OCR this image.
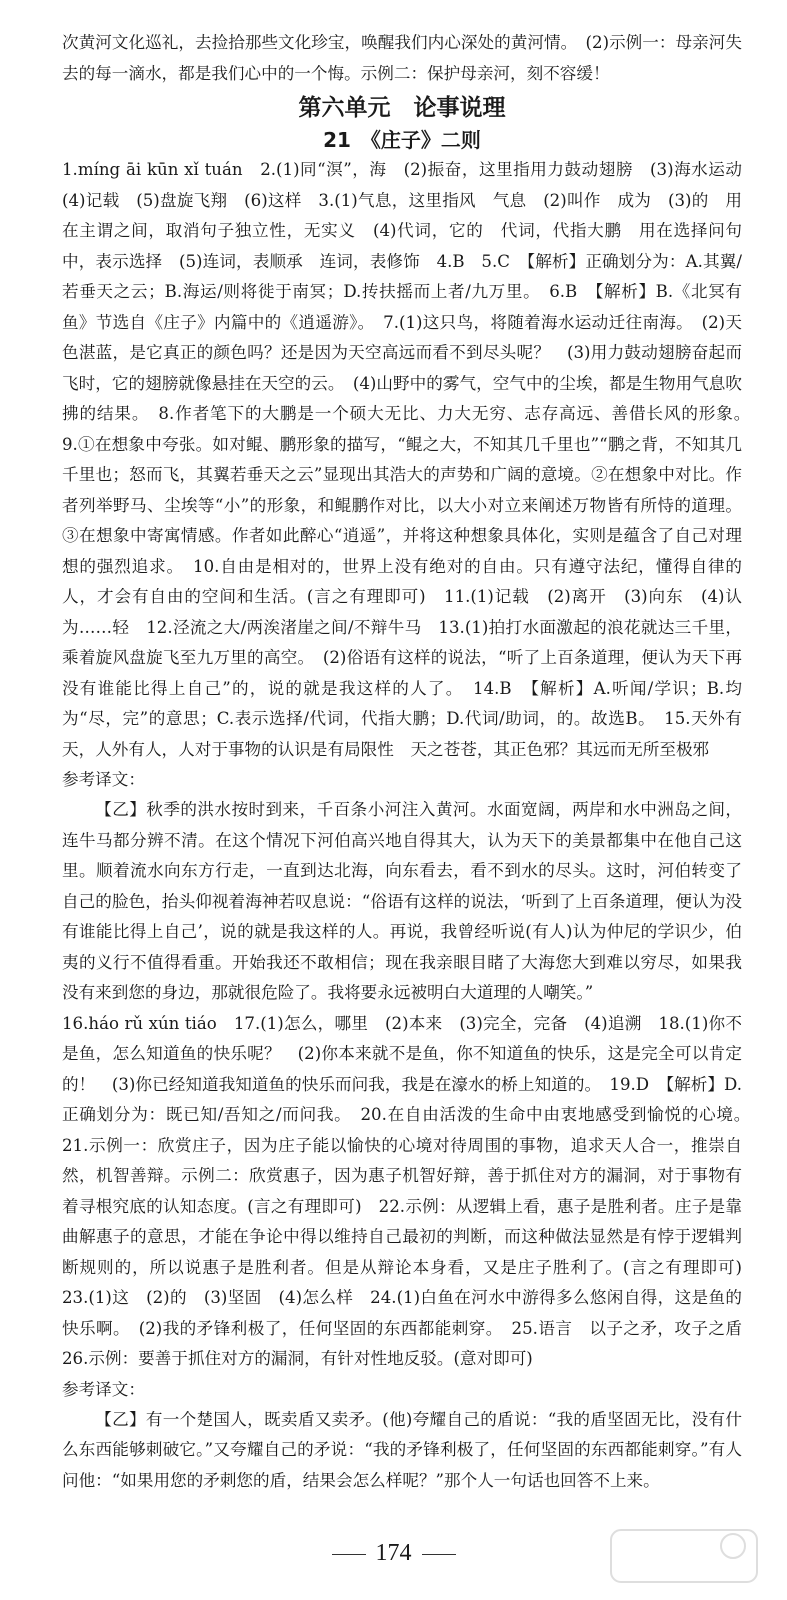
次黄河文化巡礼，去捡拾那些文化珍宝，唤醒我们内心深处的黄河情。　(2)示例一：母亲河失去的每一滴水，都是我们心中的一个悔。示例二：保护母亲河，刻不容缓！

第六单元　论事说理
21　《庄子》二则

1.míng āi kūn xǐ tuán　2.(1)同“溟”，海　(2)振奋，这里指用力鼓动翅膀　(3)海水运动　(4)记载　(5)盘旋飞翔　(6)这样　3.(1)气息，这里指风　气息　(2)叫作　成为　(3)的　用在主谓之间，取消句子独立性，无实义　(4)代词，它的　代词，代指大鹏　用在选择问句中，表示选择　(5)连词，表顺承　连词，表修饰　4.B　5.C　【解析】正确划分为：A.其翼/若垂天之云；B.海运/则将徙于南冥；D.抟扶摇而上者/九万里。　6.B　【解析】B.《北冥有鱼》节选自《庄子》内篇中的《逍遥游》。　7.(1)这只鸟，将随着海水运动迁往南海。　(2)天色湛蓝，是它真正的颜色吗？还是因为天空高远而看不到尽头呢？　(3)用力鼓动翅膀奋起而飞时，它的翅膀就像悬挂在天空的云。　(4)山野中的雾气，空气中的尘埃，都是生物用气息吹拂的结果。　8.作者笔下的大鹏是一个硕大无比、力大无穷、志存高远、善借长风的形象。　9.①在想象中夸张。如对鲲、鹏形象的描写，“鲲之大，不知其几千里也”“鹏之背，不知其几千里也；怒而飞，其翼若垂天之云”显现出其浩大的声势和广阔的意境。②在想象中对比。作者列举野马、尘埃等“小”的形象，和鲲鹏作对比，以大小对立来阐述万物皆有所恃的道理。③在想象中寄寓情感。作者如此醉心“逍遥”，并将这种想象具体化，实则是蕴含了自己对理想的强烈追求。　10.自由是相对的，世界上没有绝对的自由。只有遵守法纪，懂得自律的人，才会有自由的空间和生活。(言之有理即可)　11.(1)记载　(2)离开　(3)向东　(4)认为……轻　12.泾流之大/两涘渚崖之间/不辩牛马　13.(1)拍打水面激起的浪花就达三千里，乘着旋风盘旋飞至九万里的高空。　(2)俗语有这样的说法，“听了上百条道理，便认为天下再没有谁能比得上自己”的，说的就是我这样的人了。　14.B　【解析】A.听闻/学识；B.均为“尽，完”的意思；C.表示选择/代词，代指大鹏；D.代词/助词，的。故选B。　15.天外有天，人外有人，人对于事物的认识是有局限性　天之苍苍，其正色邪？其远而无所至极邪

参考译文：

【乙】秋季的洪水按时到来，千百条小河注入黄河。水面宽阔，两岸和水中洲岛之间，连牛马都分辨不清。在这个情况下河伯高兴地自得其大，认为天下的美景都集中在他自己这里。顺着流水向东方行走，一直到达北海，向东看去，看不到水的尽头。这时，河伯转变了自己的脸色，抬头仰视着海神若叹息说：“俗语有这样的说法，‘听到了上百条道理，便认为没有谁能比得上自己’，说的就是我这样的人。再说，我曾经听说(有人)认为仲尼的学识少，伯夷的义行不值得看重。开始我还不敢相信；现在我亲眼目睹了大海您大到难以穷尽，如果我没有来到您的身边，那就很危险了。我将要永远被明白大道理的人嘲笑。”

16.háo rǔ xún tiáo　17.(1)怎么，哪里　(2)本来　(3)完全，完备　(4)追溯　18.(1)你不是鱼，怎么知道鱼的快乐呢？　(2)你本来就不是鱼，你不知道鱼的快乐，这是完全可以肯定的！　(3)你已经知道我知道鱼的快乐而问我，我是在濠水的桥上知道的。　19.D　【解析】D.正确划分为：既已知/吾知之/而问我。　20.在自由活泼的生命中由衷地感受到愉悦的心境。　21.示例一：欣赏庄子，因为庄子能以愉快的心境对待周围的事物，追求天人合一，推崇自然，机智善辩。示例二：欣赏惠子，因为惠子机智好辩，善于抓住对方的漏洞，对于事物有着寻根究底的认知态度。(言之有理即可)　22.示例：从逻辑上看，惠子是胜利者。庄子是靠曲解惠子的意思，才能在争论中得以维持自己最初的判断，而这种做法显然是有悖于逻辑判断规则的，所以说惠子是胜利者。但是从辩论本身看，又是庄子胜利了。(言之有理即可)　23.(1)这　(2)的　(3)坚固　(4)怎么样　24.(1)白鱼在河水中游得多么悠闲自得，这是鱼的快乐啊。　(2)我的矛锋利极了，任何坚固的东西都能刺穿。　25.语言　以子之矛，攻子之盾　26.示例：要善于抓住对方的漏洞，有针对性地反驳。(意对即可)

参考译文：

【乙】有一个楚国人，既卖盾又卖矛。(他)夸耀自己的盾说：“我的盾坚固无比，没有什么东西能够刺破它。”又夸耀自己的矛说：“我的矛锋利极了，任何坚固的东西都能刺穿。”有人问他：“如果用您的矛刺您的盾，结果会怎么样呢？”那个人一句话也回答不上来。

174
